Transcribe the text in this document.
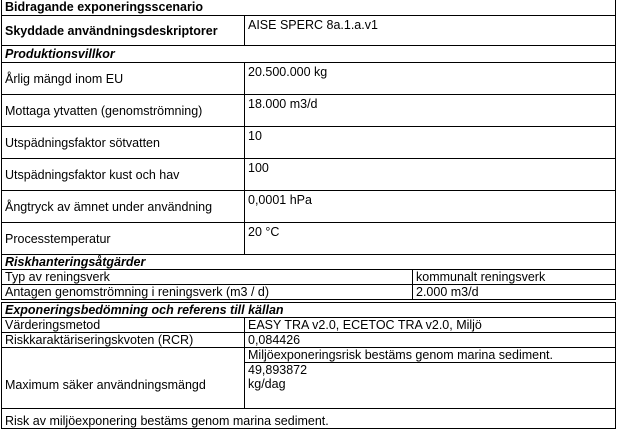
Bidragande exponeringsscenario	
Skyddade användningsdeskriptorer	AISE SPERC 8a.1.a.v1
Produktionsvillkor	
Årlig mängd inom EU	20.500.000 kg
Mottaga ytvatten (genomströmning)	18.000 m3/d
Utspädningsfaktor sötvatten	10
Utspädningsfaktor kust och hav	100
Ångtryck av ämnet under användning	0,0001 hPa
Processtemperatur	20 °C
Riskhanteringsåtgärder	
Typ av reningsverk	kommunalt reningsverk
Antagen genomströmning i reningsverk (m3 / d)	2.000 m3/d
Exponeringsbedömning och referens till källan	
Värderingsmetod	EASY TRA v2.0, ECETOC TRA v2.0, Miljö
Riskkaraktäriseringskvoten (RCR)	0,084426
	Miljöexponeringsrisk bestäms genom marina sediment.
Maximum säker användningsmängd	49,893872
kg/dag

Risk av miljöexponering bestäms genom marina sediment.	
